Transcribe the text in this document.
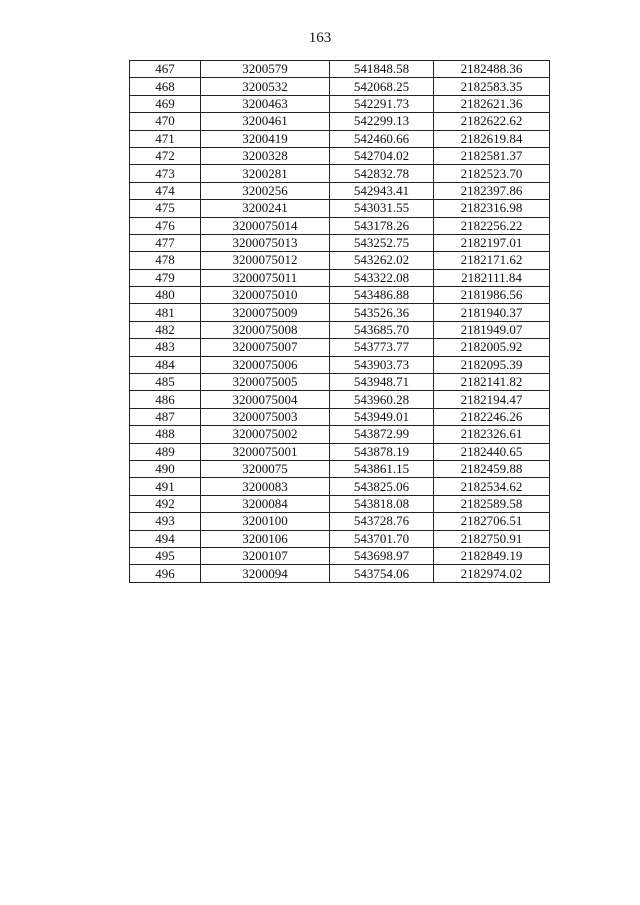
163
467	3200579	541848.58	2182488.36
468	3200532	542068.25	2182583.35
469	3200463	542291.73	2182621.36
470	3200461	542299.13	2182622.62
471	3200419	542460.66	2182619.84
472	3200328	542704.02	2182581.37
473	3200281	542832.78	2182523.70
474	3200256	542943.41	2182397.86
475	3200241	543031.55	2182316.98
476	3200075014	543178.26	2182256.22
477	3200075013	543252.75	2182197.01
478	3200075012	543262.02	2182171.62
479	3200075011	543322.08	2182111.84
480	3200075010	543486.88	2181986.56
481	3200075009	543526.36	2181940.37
482	3200075008	543685.70	2181949.07
483	3200075007	543773.77	2182005.92
484	3200075006	543903.73	2182095.39
485	3200075005	543948.71	2182141.82
486	3200075004	543960.28	2182194.47
487	3200075003	543949.01	2182246.26
488	3200075002	543872.99	2182326.61
489	3200075001	543878.19	2182440.65
490	3200075	543861.15	2182459.88
491	3200083	543825.06	2182534.62
492	3200084	543818.08	2182589.58
493	3200100	543728.76	2182706.51
494	3200106	543701.70	2182750.91
495	3200107	543698.97	2182849.19
496	3200094	543754.06	2182974.02
